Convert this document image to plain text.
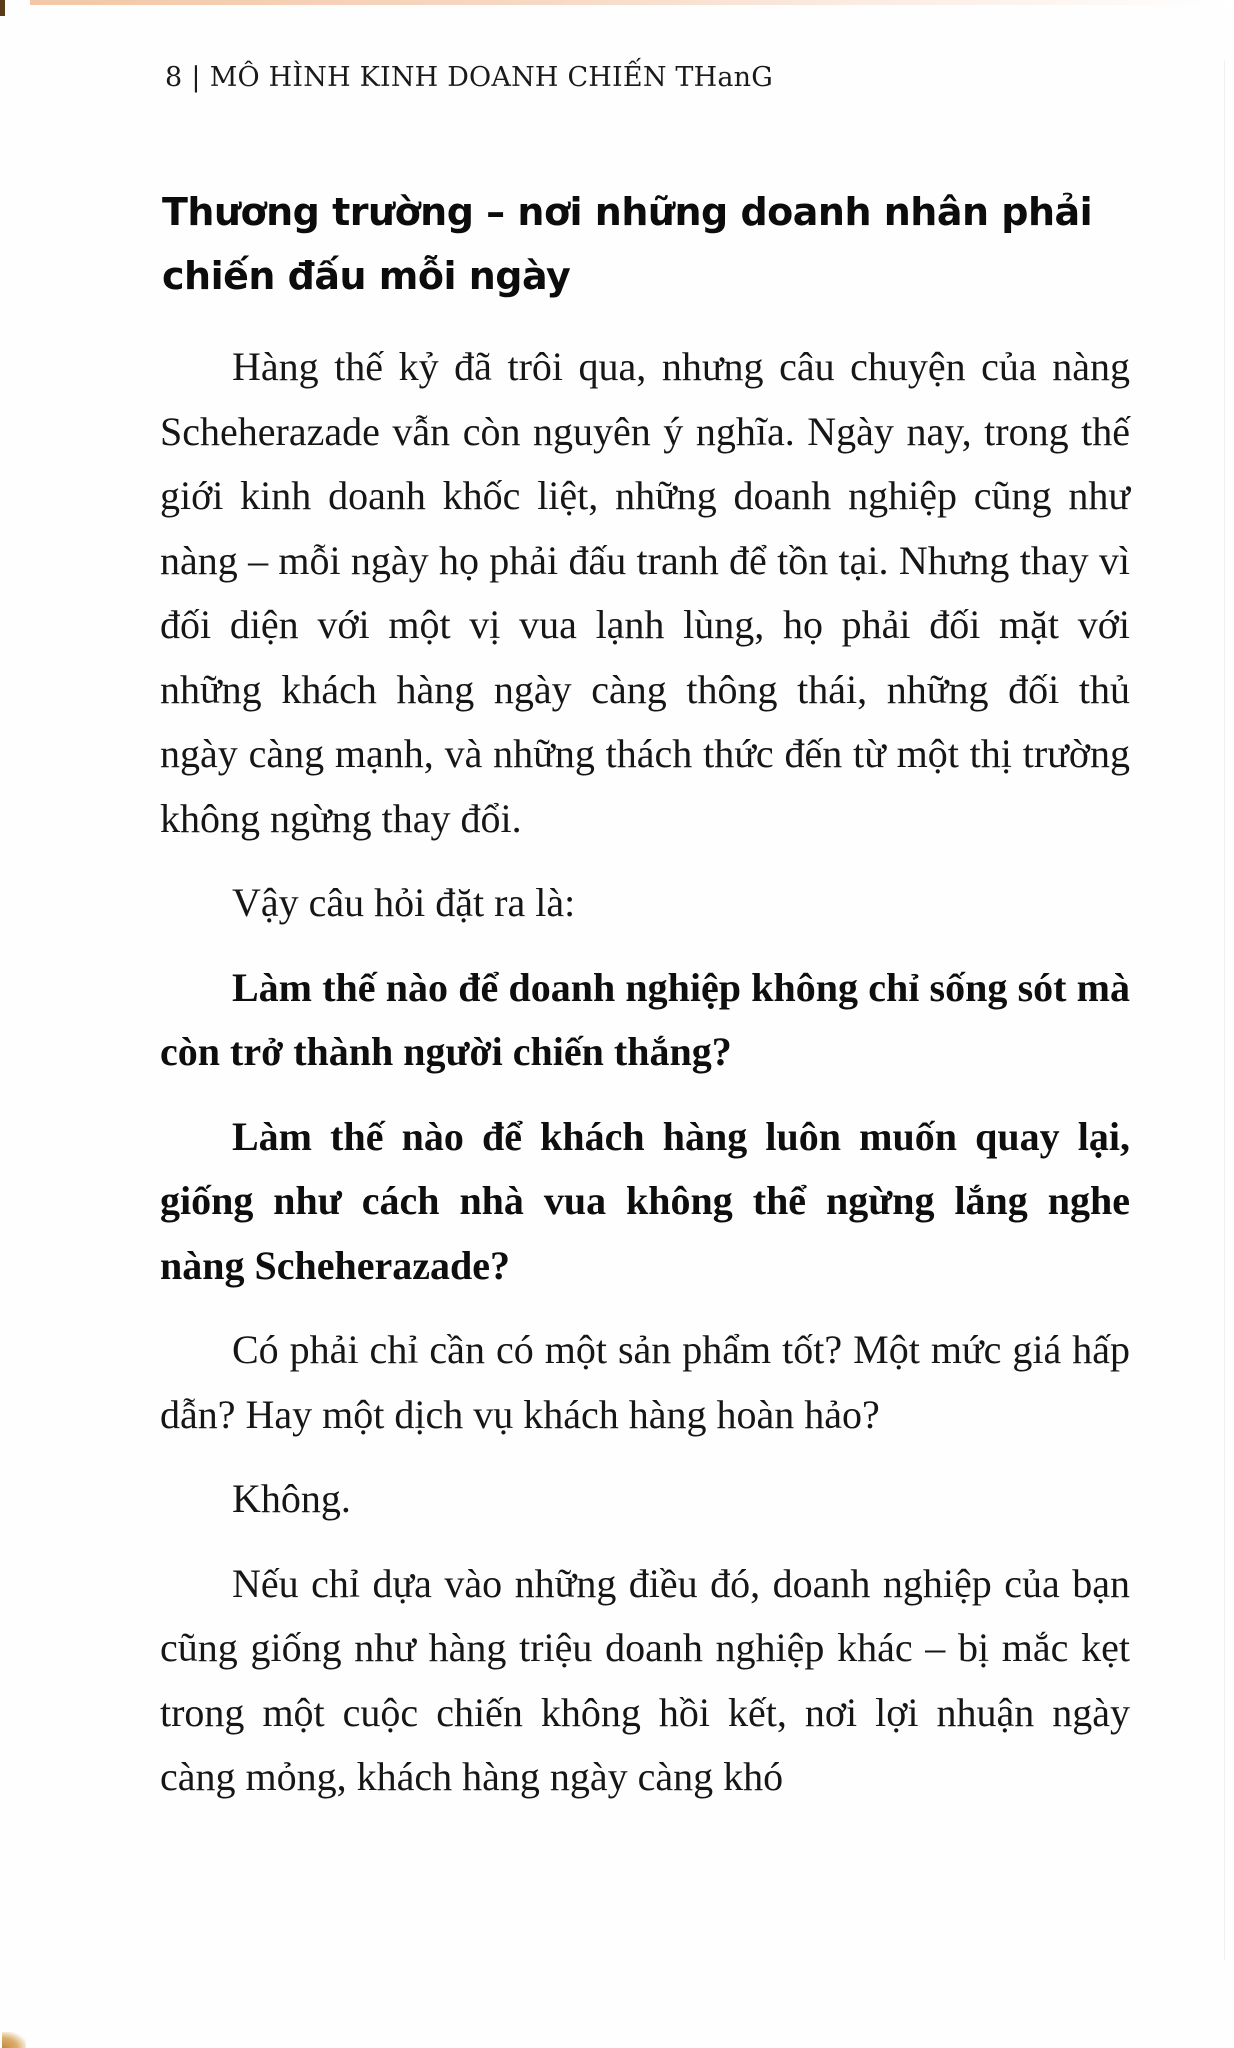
8 | MÔ HÌNH KINH DOANH CHIẾN THanG
Thương trường – nơi những doanh nhân phải chiến đấu mỗi ngày

Hàng thế kỷ đã trôi qua, nhưng câu chuyện của nàng Scheherazade vẫn còn nguyên ý nghĩa. Ngày nay, trong thế giới kinh doanh khốc liệt, những doanh nghiệp cũng như nàng – mỗi ngày họ phải đấu tranh để tồn tại. Nhưng thay vì đối diện với một vị vua lạnh lùng, họ phải đối mặt với những khách hàng ngày càng thông thái, những đối thủ ngày càng mạnh, và những thách thức đến từ một thị trường không ngừng thay đổi.

Vậy câu hỏi đặt ra là:

Làm thế nào để doanh nghiệp không chỉ sống sót mà còn trở thành người chiến thắng?

Làm thế nào để khách hàng luôn muốn quay lại, giống như cách nhà vua không thể ngừng lắng nghe nàng Scheherazade?

Có phải chỉ cần có một sản phẩm tốt? Một mức giá hấp dẫn? Hay một dịch vụ khách hàng hoàn hảo?

Không.

Nếu chỉ dựa vào những điều đó, doanh nghiệp của bạn cũng giống như hàng triệu doanh nghiệp khác – bị mắc kẹt trong một cuộc chiến không hồi kết, nơi lợi nhuận ngày càng mỏng, khách hàng ngày càng khó
